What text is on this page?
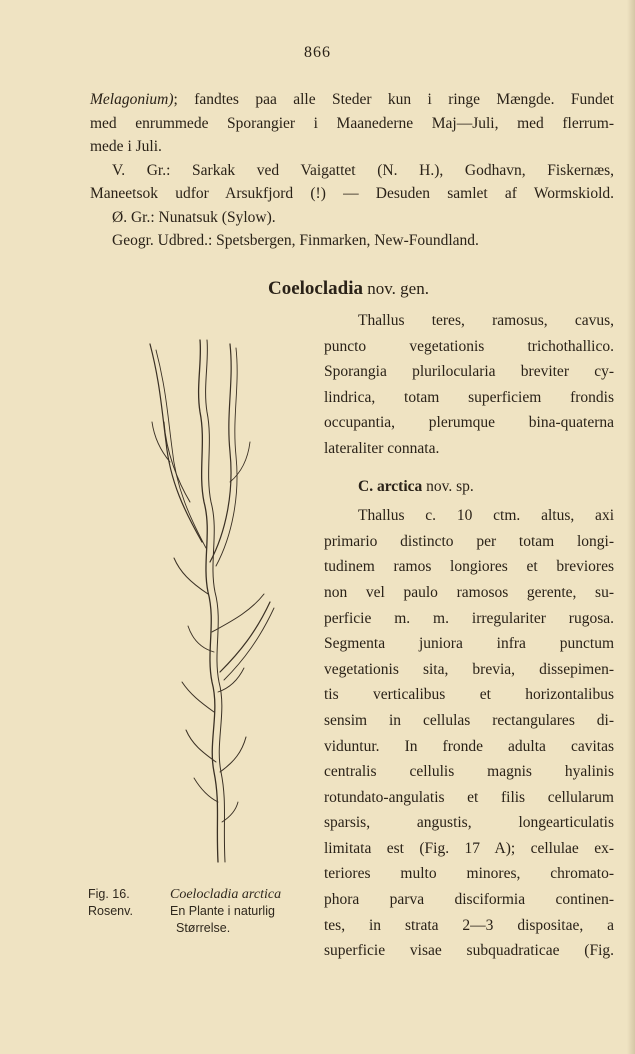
866

Melagonium); fandtes paa alle Steder kun i ringe Mængde. Fundet

med enrummede Sporangier i Maanederne Maj—Juli, med flerrum-

mede i Juli.

V. Gr.: Sarkak ved Vaigattet (N. H.), Godhavn, Fiskernæs,

Maneetsok udfor Arsukfjord (!) — Desuden samlet af Wormskiold.

Ø. Gr.: Nunatsuk (Sylow).

Geogr. Udbred.: Spetsbergen, Finmarken, New-Foundland.

Coelocladia nov. gen.
Thallus teres, ramosus, cavus,
puncto vegetationis trichothallico.
Sporangia plurilocularia breviter cy-
lindrica, totam superficiem frondis
occupantia, plerumque bina-quaterna
lateraliter connata.
C. arctica nov. sp.
Thallus c. 10 ctm. altus, axi
primario distincto per totam longi-
tudinem ramos longiores et breviores
non vel paulo ramosos gerente, su-
perficie m. m. irregulariter rugosa.
Segmenta juniora infra punctum
vegetationis sita, brevia, dissepimen-
tis verticalibus et horizontalibus
sensim in cellulas rectangulares di-
viduntur. In fronde adulta cavitas
centralis cellulis magnis hyalinis
rotundato-angulatis et filis cellularum
sparsis, angustis, longearticulatis
limitata est (Fig. 17 A); cellulae ex-
teriores multo minores, chromato-
phora parva disciformia continen-
tes, in strata 2—3 dispositae, a
superficie visae subquadraticae (Fig.
Fig. 16.	Coelocladia arctica
Rosenv.	En Plante i naturlig
Størrelse.
